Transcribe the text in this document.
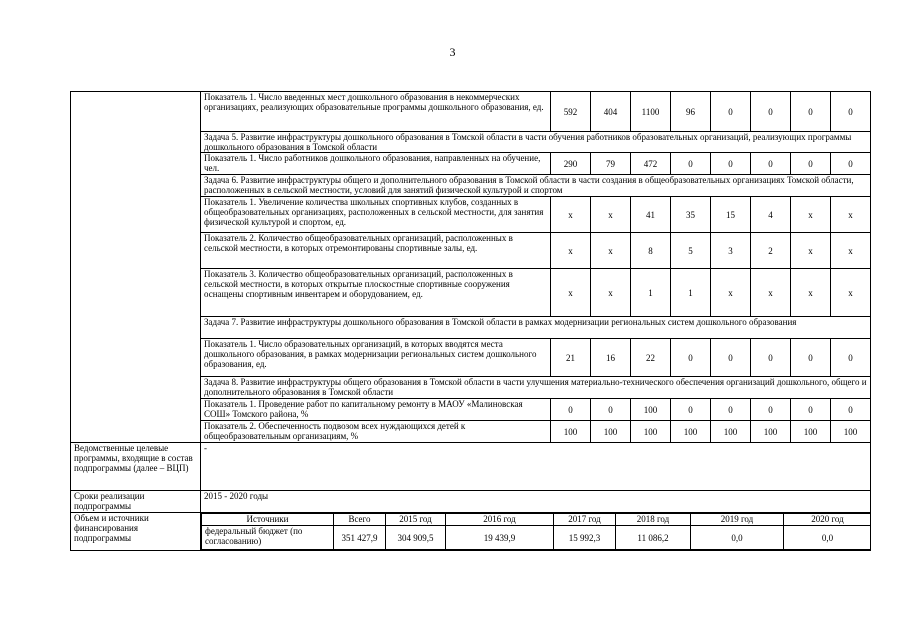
3
	Показатель 1. Число введенных мест дошкольного образования в некоммерческих организациях, реализующих образовательные программы дошкольного образования, ед.	592	404	1100	96	0	0	0	0
	Задача 5. Развитие инфраструктуры дошкольного образования в Томской области в части обучения работников образовательных организаций, реализующих программы дошкольного образования в Томской области
	Показатель 1. Число работников дошкольного образования, направленных на обучение, чел.	290	79	472	0	0	0	0	0
	Задача 6. Развитие инфраструктуры общего и дополнительного образования в Томской области в части создания в общеобразовательных организациях Томской области, расположенных в сельской местности, условий для занятий физической культурой и спортом
	Показатель 1. Увеличение количества школьных спортивных клубов, созданных в общеобразовательных организациях, расположенных в сельской местности, для занятия физической культурой и спортом, ед.	х	х	41	35	15	4	х	х
	Показатель 2. Количество общеобразовательных организаций, расположенных в сельской местности, в которых отремонтированы спортивные залы, ед.	х	х	8	5	3	2	х	х
	Показатель 3. Количество общеобразовательных организаций, расположенных в сельской местности, в которых открытые плоскостные спортивные сооружения оснащены спортивным инвентарем и оборудованием, ед.	х	х	1	1	х	х	х	х
	Задача 7. Развитие инфраструктуры дошкольного образования в Томской области в рамках модернизации региональных систем дошкольного образования
	Показатель 1. Число образовательных организаций, в которых вводятся места дошкольного образования, в рамках модернизации региональных систем дошкольного образования, ед.	21	16	22	0	0	0	0	0
	Задача 8. Развитие инфраструктуры общего образования в Томской области в части улучшения материально-технического обеспечения организаций дошкольного, общего и дополнительного образования в Томской области
	Показатель 1. Проведение работ по капитальному ремонту в МАОУ «Малиновская СОШ» Томского района, %	0	0	100	0	0	0	0	0
	Показатель 2. Обеспеченность подвозом всех нуждающихся детей к общеобразовательным организациям, %	100	100	100	100	100	100	100	100
Ведомственные целевые программы, входящие в состав подпрограммы (далее – ВЦП)	-
Сроки реализации подпрограммы	2015 - 2020 годы
Объем и источники финансирования подпрограммы	
Источники	Всего	2015 год	2016 год	2017 год	2018 год	2019 год	2020 год
федеральный бюджет (по согласованию)	351 427,9	304 909,5	19 439,9	15 992,3	11 086,2	0,0	0,0
